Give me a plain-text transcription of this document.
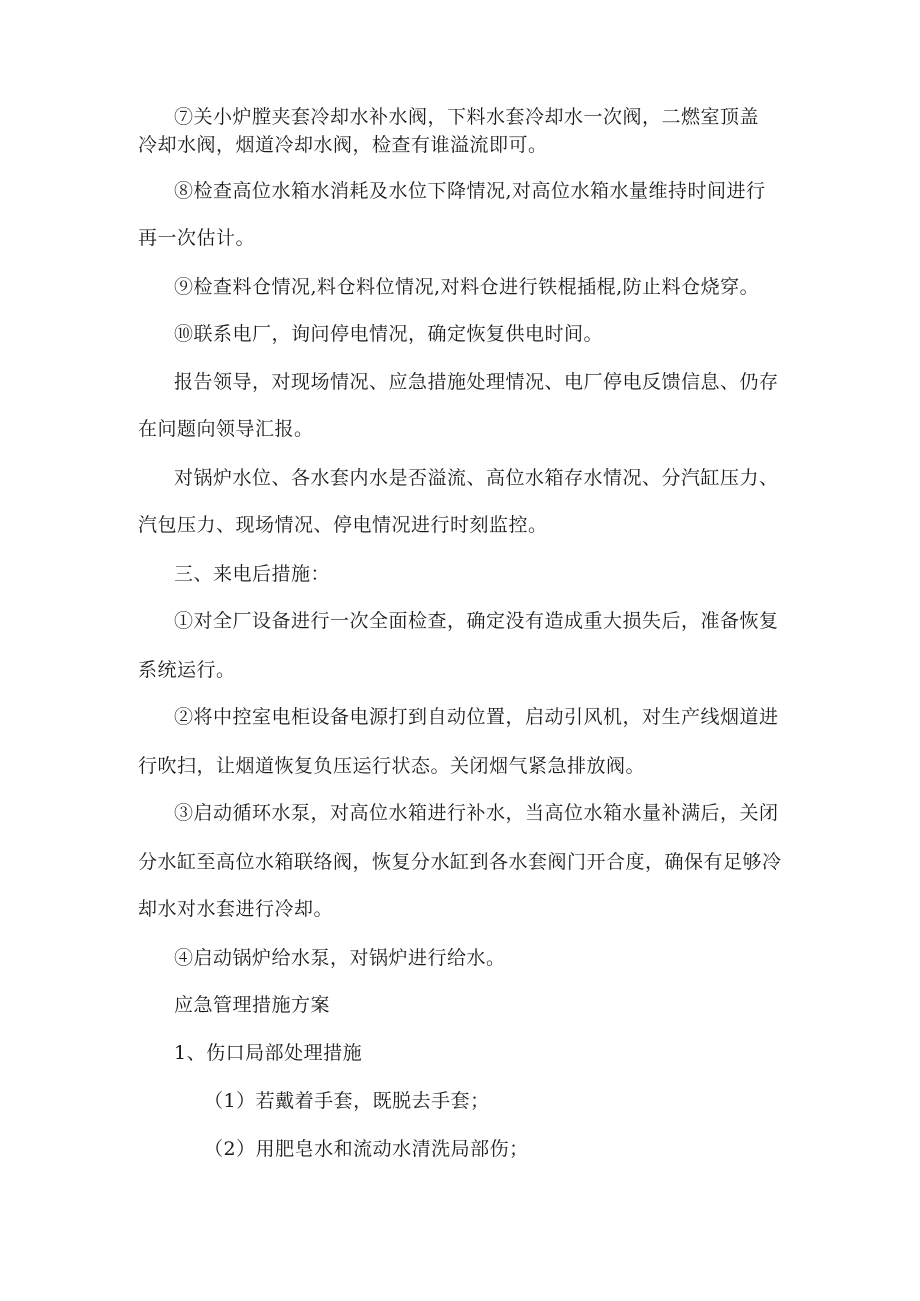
⑦关小炉膛夹套冷却水补水阀，下料水套冷却水一次阀，二燃室顶盖
冷却水阀，烟道冷却水阀，检查有谁溢流即可。
⑧检查高位水箱水消耗及水位下降情况,对高位水箱水量维持时间进行
再一次估计。
⑨检查料仓情况,料仓料位情况,对料仓进行铁棍插棍,防止料仓烧穿。
⑩联系电厂，询问停电情况，确定恢复供电时间。
报告领导，对现场情况、应急措施处理情况、电厂停电反馈信息、仍存
在问题向领导汇报。
对锅炉水位、各水套内水是否溢流、高位水箱存水情况、分汽缸压力、
汽包压力、现场情况、停电情况进行时刻监控。
三、来电后措施：
①对全厂设备进行一次全面检查，确定没有造成重大损失后，准备恢复
系统运行。
②将中控室电柜设备电源打到自动位置，启动引风机，对生产线烟道进
行吹扫，让烟道恢复负压运行状态。关闭烟气紧急排放阀。
③启动循环水泵，对高位水箱进行补水，当高位水箱水量补满后，关闭
分水缸至高位水箱联络阀，恢复分水缸到各水套阀门开合度，确保有足够冷
却水对水套进行冷却。
④启动锅炉给水泵，对锅炉进行给水。
应急管理措施方案
1、伤口局部处理措施
（1）若戴着手套，既脱去手套；
（2）用肥皂水和流动水清洗局部伤；
